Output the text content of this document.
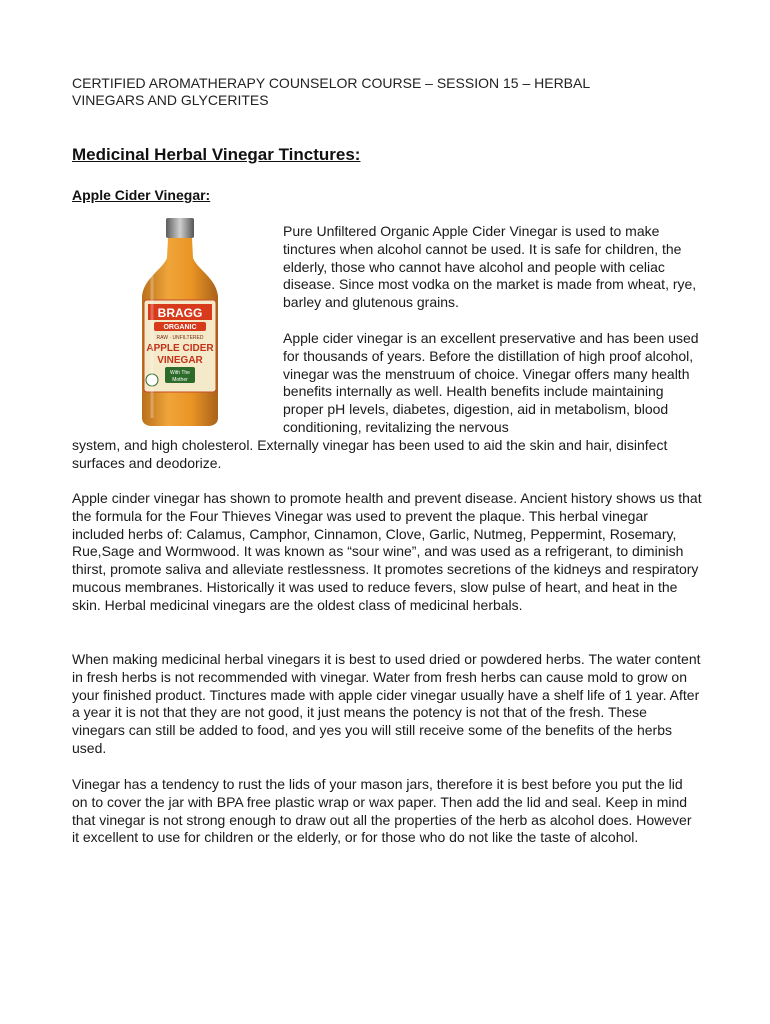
CERTIFIED AROMATHERAPY COUNSELOR COURSE – SESSION 15 – HERBAL
VINEGARS AND GLYCERITES
Medicinal Herbal Vinegar Tinctures:
Apple Cider Vinegar:
BRAGG
ORGANIC
RAW · UNFILTERED
APPLE CIDER
VINEGAR
With The
Mother

Pure Unfiltered Organic Apple Cider Vinegar is used to make tinctures when alcohol cannot be used. It is safe for children, the elderly, those who cannot have alcohol and people with celiac disease. Since most vodka on the market is made from wheat, rye, barley and glutenous grains.

Apple cider vinegar is an excellent preservative and has been used for thousands of years. Before the distillation of high proof alcohol, vinegar was the menstruum of choice. Vinegar offers many health benefits internally as well. Health benefits include maintaining proper pH levels, diabetes, digestion, aid in metabolism, blood conditioning, revitalizing the nervous

system, and high cholesterol. Externally vinegar has been used to aid the skin and hair, disinfect surfaces and deodorize.

Apple cinder vinegar has shown to promote health and prevent disease. Ancient history shows us that the formula for the Four Thieves Vinegar was used to prevent the plaque. This herbal vinegar included herbs of: Calamus, Camphor, Cinnamon, Clove, Garlic, Nutmeg, Peppermint, Rosemary, Rue,Sage and Wormwood. It was known as “sour wine”, and was used as a refrigerant, to diminish thirst, promote saliva and alleviate restlessness. It promotes secretions of the kidneys and respiratory mucous membranes. Historically it was used to reduce fevers, slow pulse of heart, and heat in the skin. Herbal medicinal vinegars are the oldest class of medicinal herbals.

When making medicinal herbal vinegars it is best to used dried or powdered herbs. The water content in fresh herbs is not recommended with vinegar. Water from fresh herbs can cause mold to grow on your finished product. Tinctures made with apple cider vinegar usually have a shelf life of 1 year. After a year it is not that they are not good, it just means the potency is not that of the fresh. These vinegars can still be added to food, and yes you will still receive some of the benefits of the herbs used.

Vinegar has a tendency to rust the lids of your mason jars, therefore it is best before you put the lid on to cover the jar with BPA free plastic wrap or wax paper. Then add the lid and seal. Keep in mind that vinegar is not strong enough to draw out all the properties of the herb as alcohol does. However it excellent to use for children or the elderly, or for those who do not like the taste of alcohol.
